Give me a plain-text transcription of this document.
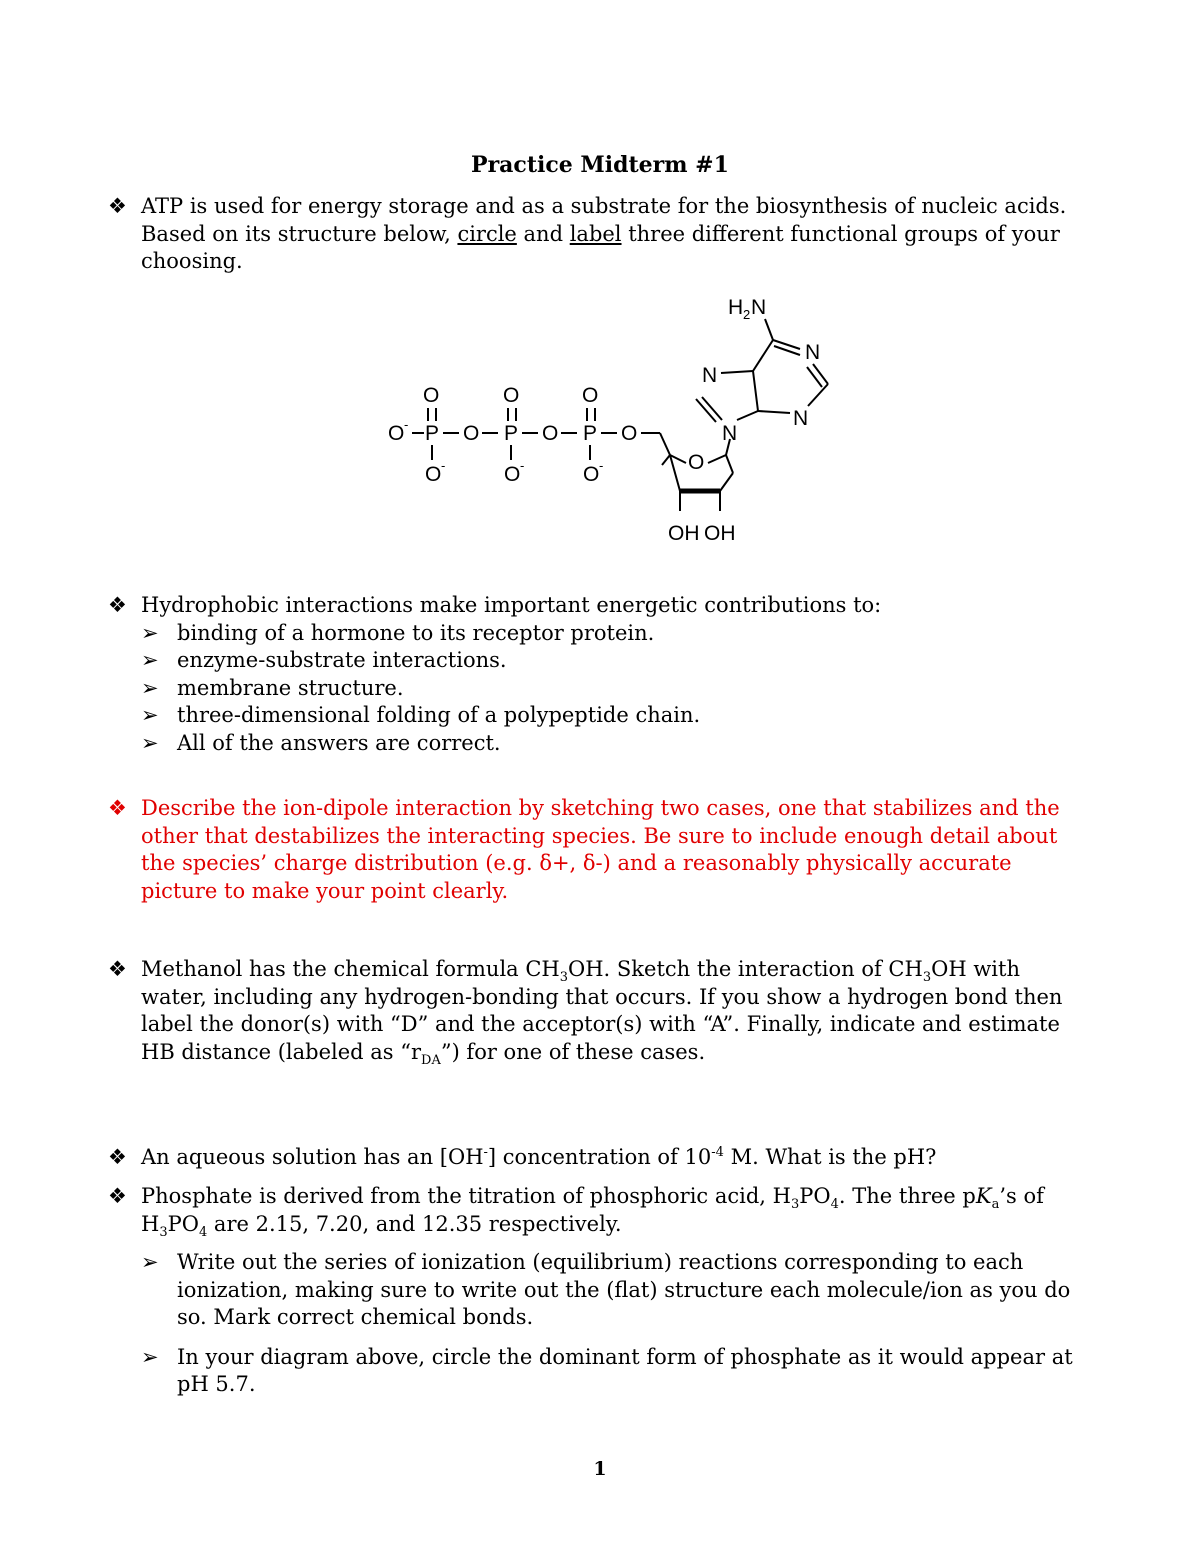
Practice Midterm #1
❖ ATP is used for energy storage and as a substrate for the biosynthesis of nucleic acids. Based on its structure below, circle and label three different functional groups of your choosing.
O	O	O
O - P O P O P O
O -	O -	O -	O
OH OH
N
N
H 2 N
N
N
❖ Hydrophobic interactions make important energetic contributions to:
➢ binding of a hormone to its receptor protein.
➢ enzyme-substrate interactions.
➢ membrane structure.
➢ three-dimensional folding of a polypeptide chain.
➢ All of the answers are correct.
❖ Describe the ion-dipole interaction by sketching two cases, one that stabilizes and the other that destabilizes the interacting species. Be sure to include enough detail about the species’ charge distribution (e.g. δ+, δ-) and a reasonably physically accurate picture to make your point clearly.
❖ Methanol has the chemical formula $CH_3OH$. Sketch the interaction of $CH_3OH$ with water, including any hydrogen-bonding that occurs. If you show a hydrogen bond then label the donor(s) with “D” and the acceptor(s) with “A”. Finally, indicate and estimate HB distance (labeled as “$r_{DA}$”) for one of these cases.
❖ An aqueous solution has an [OH-] concentration of $10^{-4}$ M. What is the pH?
❖ Phosphate is derived from the titration of phosphoric acid, $H_3PO_4$. The three $pK_a’s$ of $H_3PO_4$ are 2.15, 7.20, and 12.35 respectively.
➢ Write out the series of ionization (equilibrium) reactions corresponding to each ionization, making sure to write out the (flat) structure each molecule/ion as you do so. Mark correct chemical bonds.
➢ In your diagram above, circle the dominant form of phosphate as it would appear at pH 5.7.
1
